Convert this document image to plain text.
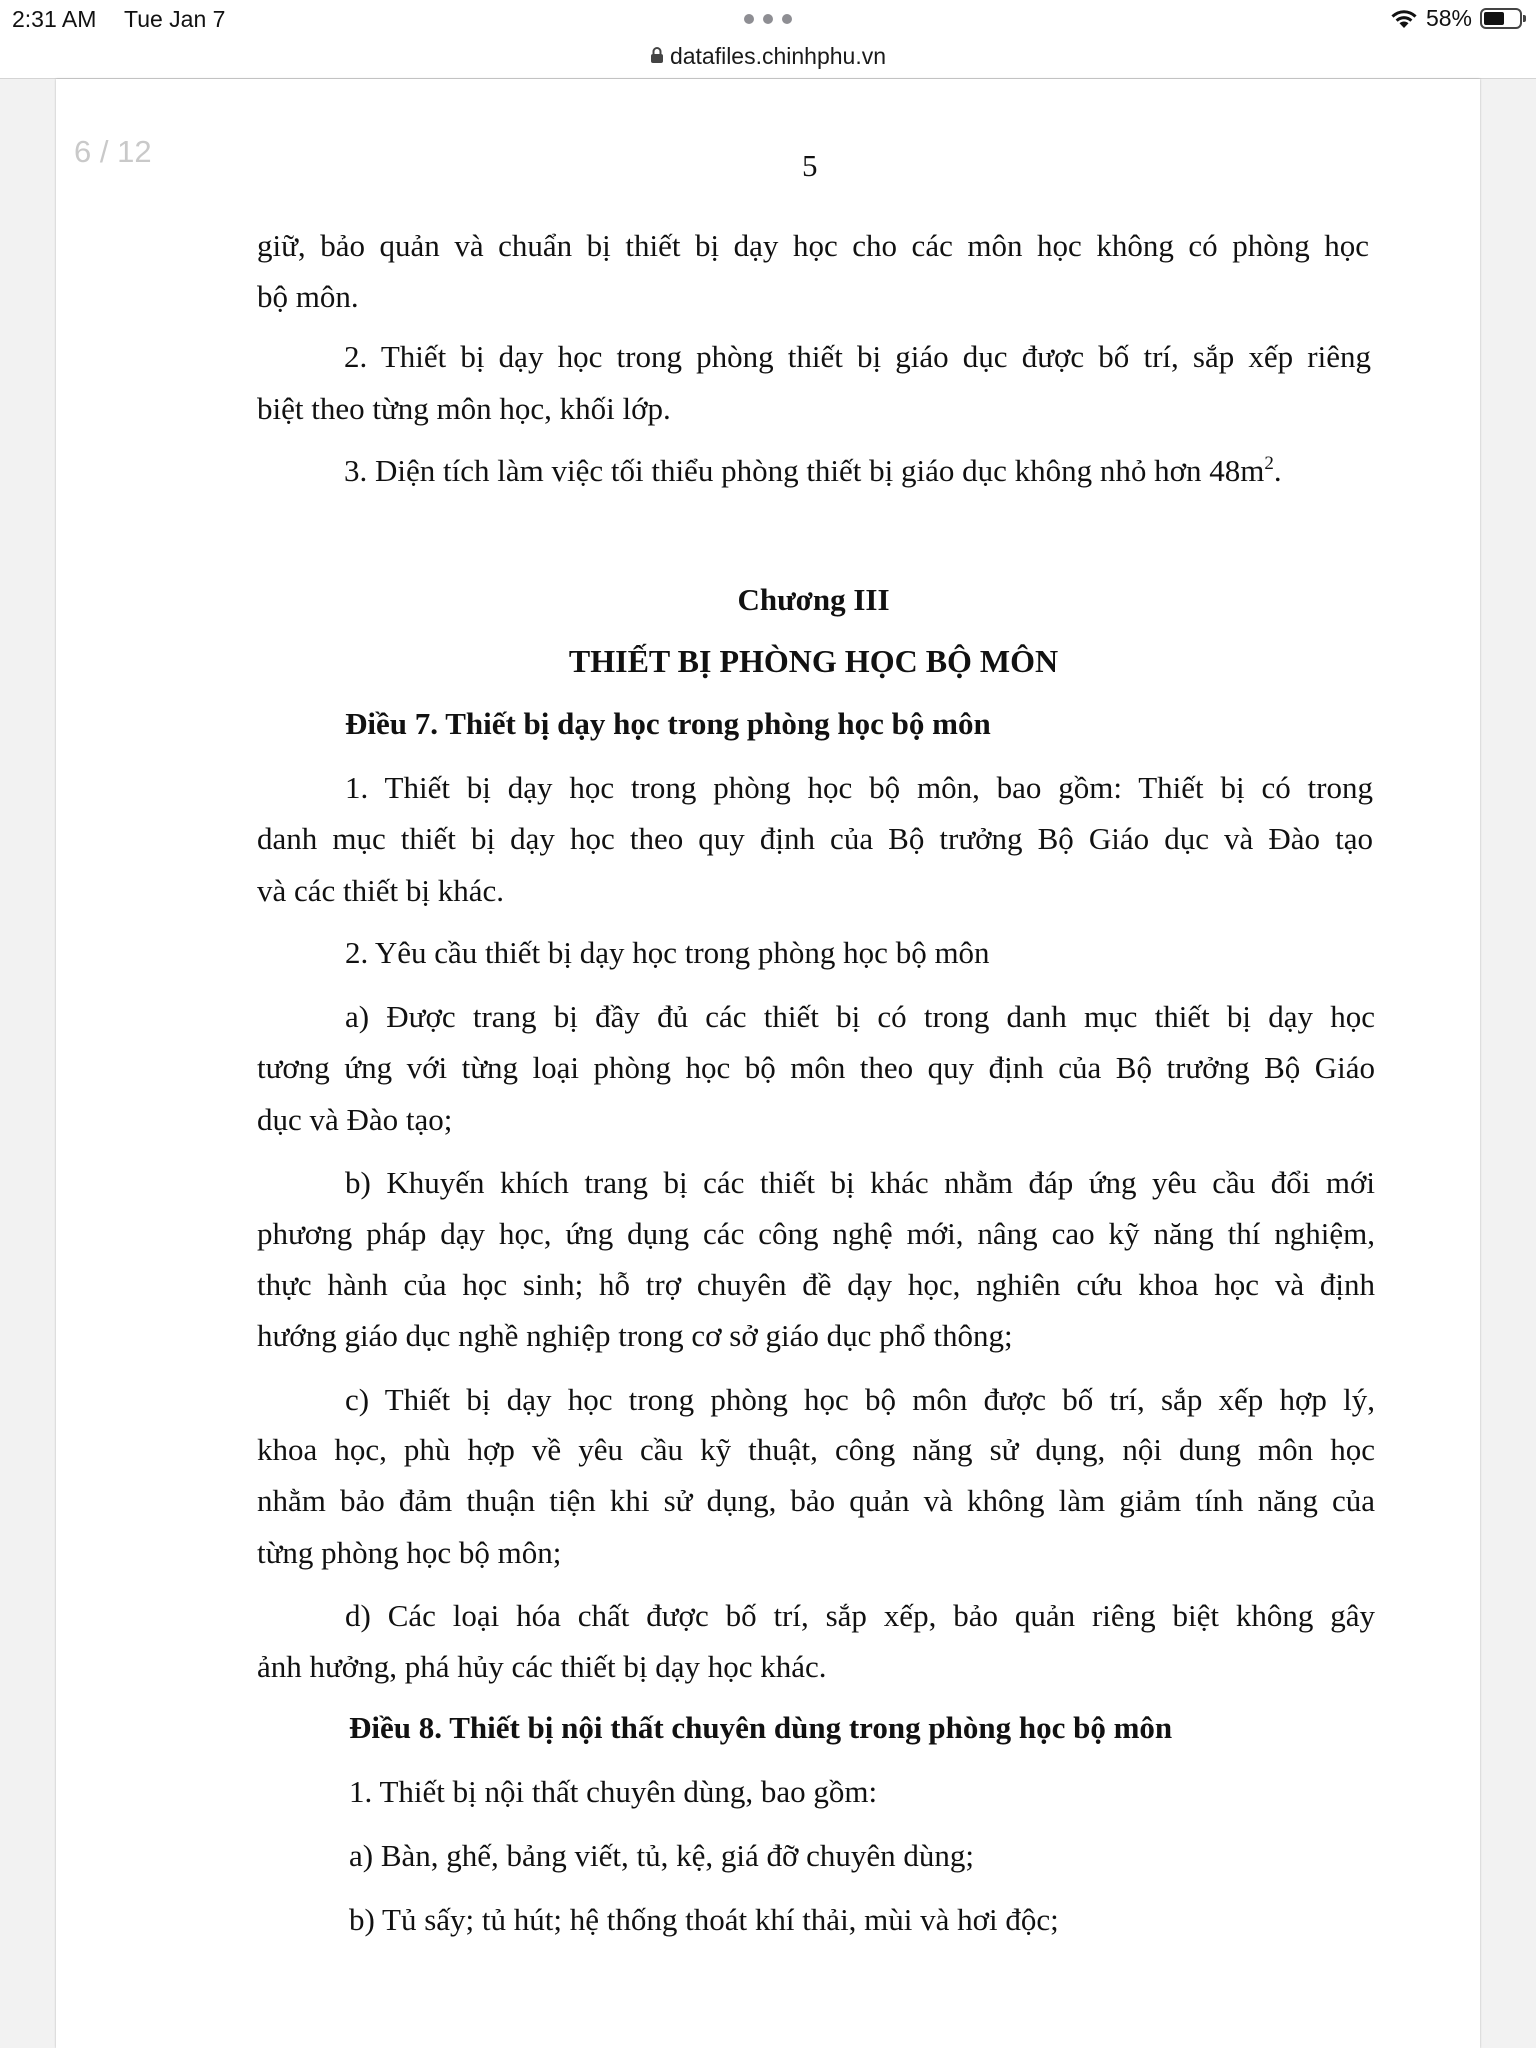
2:31 AM Tue Jan 7	58%
datafiles.chinhphu.vn
6 / 12	5
giữ, bảo quản và chuẩn bị thiết bị dạy học cho các môn học không có phòng học
bộ môn.
2. Thiết bị dạy học trong phòng thiết bị giáo dục được bố trí, sắp xếp riêng
biệt theo từng môn học, khối lớp.
3. Diện tích làm việc tối thiểu phòng thiết bị giáo dục không nhỏ hơn $48m^2$.
Chương III
THIẾT BỊ PHÒNG HỌC BỘ MÔN
Điều 7. Thiết bị dạy học trong phòng học bộ môn
1. Thiết bị dạy học trong phòng học bộ môn, bao gồm: Thiết bị có trong
danh mục thiết bị dạy học theo quy định của Bộ trưởng Bộ Giáo dục và Đào tạo
và các thiết bị khác.
2. Yêu cầu thiết bị dạy học trong phòng học bộ môn
a) Được trang bị đầy đủ các thiết bị có trong danh mục thiết bị dạy học
tương ứng với từng loại phòng học bộ môn theo quy định của Bộ trưởng Bộ Giáo
dục và Đào tạo;
b) Khuyến khích trang bị các thiết bị khác nhằm đáp ứng yêu cầu đổi mới
phương pháp dạy học, ứng dụng các công nghệ mới, nâng cao kỹ năng thí nghiệm,
thực hành của học sinh; hỗ trợ chuyên đề dạy học, nghiên cứu khoa học và định
hướng giáo dục nghề nghiệp trong cơ sở giáo dục phổ thông;
c) Thiết bị dạy học trong phòng học bộ môn được bố trí, sắp xếp hợp lý,
khoa học, phù hợp về yêu cầu kỹ thuật, công năng sử dụng, nội dung môn học
nhằm bảo đảm thuận tiện khi sử dụng, bảo quản và không làm giảm tính năng của
từng phòng học bộ môn;
d) Các loại hóa chất được bố trí, sắp xếp, bảo quản riêng biệt không gây
ảnh hưởng, phá hủy các thiết bị dạy học khác.
Điều 8. Thiết bị nội thất chuyên dùng trong phòng học bộ môn
1. Thiết bị nội thất chuyên dùng, bao gồm:
a) Bàn, ghế, bảng viết, tủ, kệ, giá đỡ chuyên dùng;
b) Tủ sấy; tủ hút; hệ thống thoát khí thải, mùi và hơi độc;
